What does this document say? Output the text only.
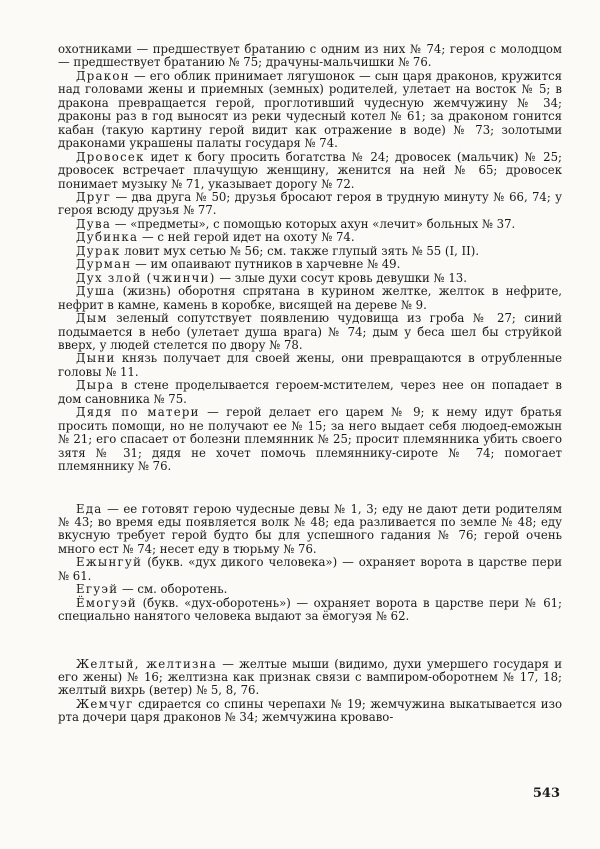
охотниками — предшествует братанию с одним из них № 74; героя с молодцом — предшествует братанию № 75; драчуны-мальчишки № 76.

Дракон — его облик принимает лягушонок — сын царя драконов, кружится над головами жены и приемных (земных) родителей, улетает на восток № 5; в дракона превращается герой, проглотивший чудесную жемчужину № 34; драконы раз в год выносят из реки чудесный котел № 61; за драконом гонится кабан (такую картину герой видит как отражение в воде) № 73; золотыми драконами украшены палаты государя № 74.

Дровосек идет к богу просить богатства № 24; дровосек (мальчик) № 25; дровосек встречает плачущую женщину, женится на ней № 65; дровосек понимает музыку № 71, указывает дорогу № 72.

Друг — два друга № 50; друзья бросают героя в трудную минуту № 66, 74; у героя всюду друзья № 77.

Дува — «предметы», с помощью которых ахун «лечит» больных № 37.

Дубинка — с ней герой идет на охоту № 74.

Дурак ловит мух сетью № 56; см. также глупый зять № 55 (I, II).

Дурман — им опаивают путников в харчевне № 49.

Дух злой (чжинчи) — злые духи сосут кровь девушки № 13.

Душа (жизнь) оборотня спрятана в курином желтке, желток в нефрите, нефрит в камне, камень в коробке, висящей на дереве № 9.

Дым зеленый сопутствует появлению чудовища из гроба № 27; синий подымается в небо (улетает душа врага) № 74; дым у беса шел бы струйкой вверх, у людей стелется по двору № 78.

Дыни князь получает для своей жены, они превращаются в отрубленные головы № 11.

Дыра в стене проделывается героем-мстителем, через нее он попадает в дом сановника № 75.

Дядя по матери — герой делает его царем № 9; к нему идут братья просить помощи, но не получают ее № 15; за него выдает себя людоед-еможын № 21; его спасает от болезни племянник № 25; просит племянника убить своего зятя № 31; дядя не хочет помочь племяннику-сироте № 74; помогает племяннику № 76.

Еда — ее готовят герою чудесные девы № 1, 3; еду не дают дети родителям № 43; во время еды появляется волк № 48; еда разливается по земле № 48; еду вкусную требует герой будто бы для успешного гадания № 76; герой очень много ест № 74; несет еду в тюрьму № 76.

Ежынгуй (букв. «дух дикого человека») — охраняет ворота в царстве пери № 61.

Егуэй — см. оборотень.

Ёмогуэй (букв. «дух-оборотень») — охраняет ворота в царстве пери № 61; специально нанятого человека выдают за ёмогуэя № 62.

Желтый, желтизна — желтые мыши (видимо, духи умершего государя и его жены) № 16; желтизна как признак связи с вампиром-оборотнем № 17, 18; желтый вихрь (ветер) № 5, 8, 76.

Жемчуг сдирается со спины черепахи № 19; жемчужина выкатывается изо рта дочери царя драконов № 34; жемчужина кроваво-

543
